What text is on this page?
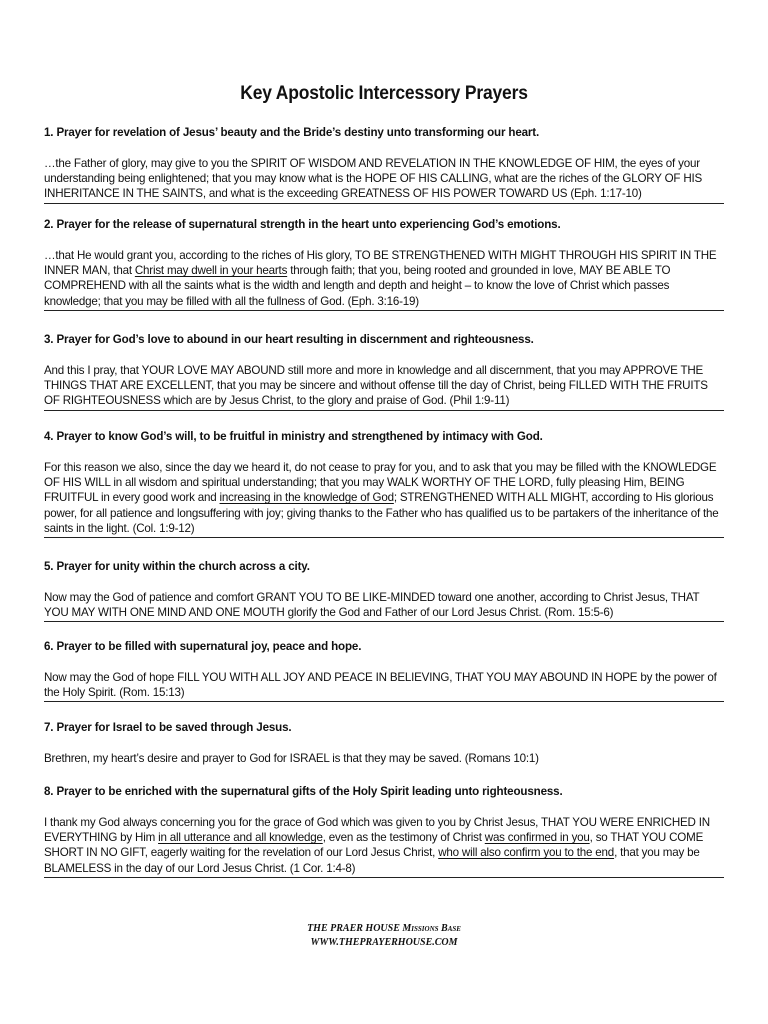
Key Apostolic Intercessory Prayers
1. Prayer for revelation of Jesus’ beauty and the Bride’s destiny unto transforming our heart.
…the Father of glory, may give to you the SPIRIT OF WISDOM AND REVELATION IN THE KNOWLEDGE OF HIM, the eyes of your understanding being enlightened; that you may know what is the HOPE OF HIS CALLING, what are the riches of the GLORY OF HIS INHERITANCE IN THE SAINTS, and what is the exceeding GREATNESS OF HIS POWER TOWARD US (Eph. 1:17-10)
2. Prayer for the release of supernatural strength in the heart unto experiencing God’s emotions.
…that He would grant you, according to the riches of His glory, TO BE STRENGTHENED WITH MIGHT THROUGH HIS SPIRIT IN THE INNER MAN, that Christ may dwell in your hearts through faith; that you, being rooted and grounded in love, MAY BE ABLE TO COMPREHEND with all the saints what is the width and length and depth and height – to know the love of Christ which passes knowledge; that you may be filled with all the fullness of God. (Eph. 3:16-19)
3. Prayer for God’s love to abound in our heart resulting in discernment and righteousness.
And this I pray, that YOUR LOVE MAY ABOUND still more and more in knowledge and all discernment, that you may APPROVE THE THINGS THAT ARE EXCELLENT, that you may be sincere and without offense till the day of Christ, being FILLED WITH THE FRUITS OF RIGHTEOUSNESS which are by Jesus Christ, to the glory and praise of God. (Phil 1:9-11)
4. Prayer to know God’s will, to be fruitful in ministry and strengthened by intimacy with God.
For this reason we also, since the day we heard it, do not cease to pray for you, and to ask that you may be filled with the KNOWLEDGE OF HIS WILL in all wisdom and spiritual understanding; that you may WALK WORTHY OF THE LORD, fully pleasing Him, BEING FRUITFUL in every good work and increasing in the knowledge of God; STRENGTHENED WITH ALL MIGHT, according to His glorious power, for all patience and longsuffering with joy; giving thanks to the Father who has qualified us to be partakers of the inheritance of the saints in the light. (Col. 1:9-12)
5. Prayer for unity within the church across a city.
Now may the God of patience and comfort GRANT YOU TO BE LIKE-MINDED toward one another, according to Christ Jesus, THAT YOU MAY WITH ONE MIND AND ONE MOUTH glorify the God and Father of our Lord Jesus Christ. (Rom. 15:5-6)
6. Prayer to be filled with supernatural joy, peace and hope.
Now may the God of hope FILL YOU WITH ALL JOY AND PEACE IN BELIEVING, THAT YOU MAY ABOUND IN HOPE by the power of the Holy Spirit. (Rom. 15:13)
7. Prayer for Israel to be saved through Jesus.
Brethren, my heart’s desire and prayer to God for ISRAEL is that they may be saved. (Romans 10:1)
8. Prayer to be enriched with the supernatural gifts of the Holy Spirit leading unto righteousness.
I thank my God always concerning you for the grace of God which was given to you by Christ Jesus, THAT YOU WERE ENRICHED IN EVERYTHING by Him in all utterance and all knowledge, even as the testimony of Christ was confirmed in you, so THAT YOU COME SHORT IN NO GIFT, eagerly waiting for the revelation of our Lord Jesus Christ, who will also confirm you to the end, that you may be BLAMELESS in the day of our Lord Jesus Christ. (1 Cor. 1:4-8)
THE PRAER HOUSE Missions Base
WWW.THEPRAYERHOUSE.COM
